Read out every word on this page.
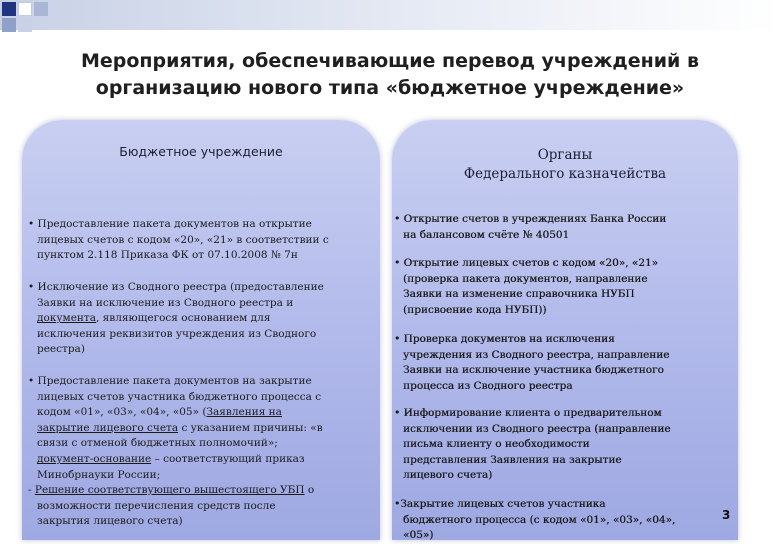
Мероприятия, обеспечивающие перевод учреждений в
организацию нового типа «бюджетное учреждение»
Бюджетное учреждение
• Предоставление пакета документов на открытие
лицевых счетов с кодом «20», «21» в соответствии с
пунктом 2.118 Приказа ФК от 07.10.2008 № 7н
• Исключение из Сводного реестра (предоставление
Заявки на исключение из Сводного реестра и
документа, являющегося основанием для
исключения реквизитов учреждения из Сводного
реестра)
• Предоставление пакета документов на закрытие
лицевых счетов участника бюджетного процесса с
кодом «01», «03», «04», «05» (Заявления на
закрытие лицевого счета с указанием причины: «в
связи с отменой бюджетных полномочий»;
документ-основание – соответствующий приказ
Минобрнауки России;
- Решение соответствующего вышестоящего УБП о
возможности перечисления средств после
закрытия лицевого счета)
Органы
Федерального казначейства
• Открытие счетов в учреждениях Банка России
на балансовом счёте № 40501
• Открытие лицевых счетов с кодом «20», «21»
(проверка пакета документов, направление
Заявки на изменение справочника НУБП
(присвоение кода НУБП))
• Проверка документов на исключения
учреждения из Сводного реестра, направление
Заявки на исключение участника бюджетного
процесса из Сводного реестра
• Информирование клиента о предварительном
исключении из Сводного реестра (направление
письма клиенту о необходимости
представления Заявления на закрытие
лицевого счета)
•Закрытие лицевых счетов участника
бюджетного процесса (с кодом «01», «03», «04»,
«05»)
3
